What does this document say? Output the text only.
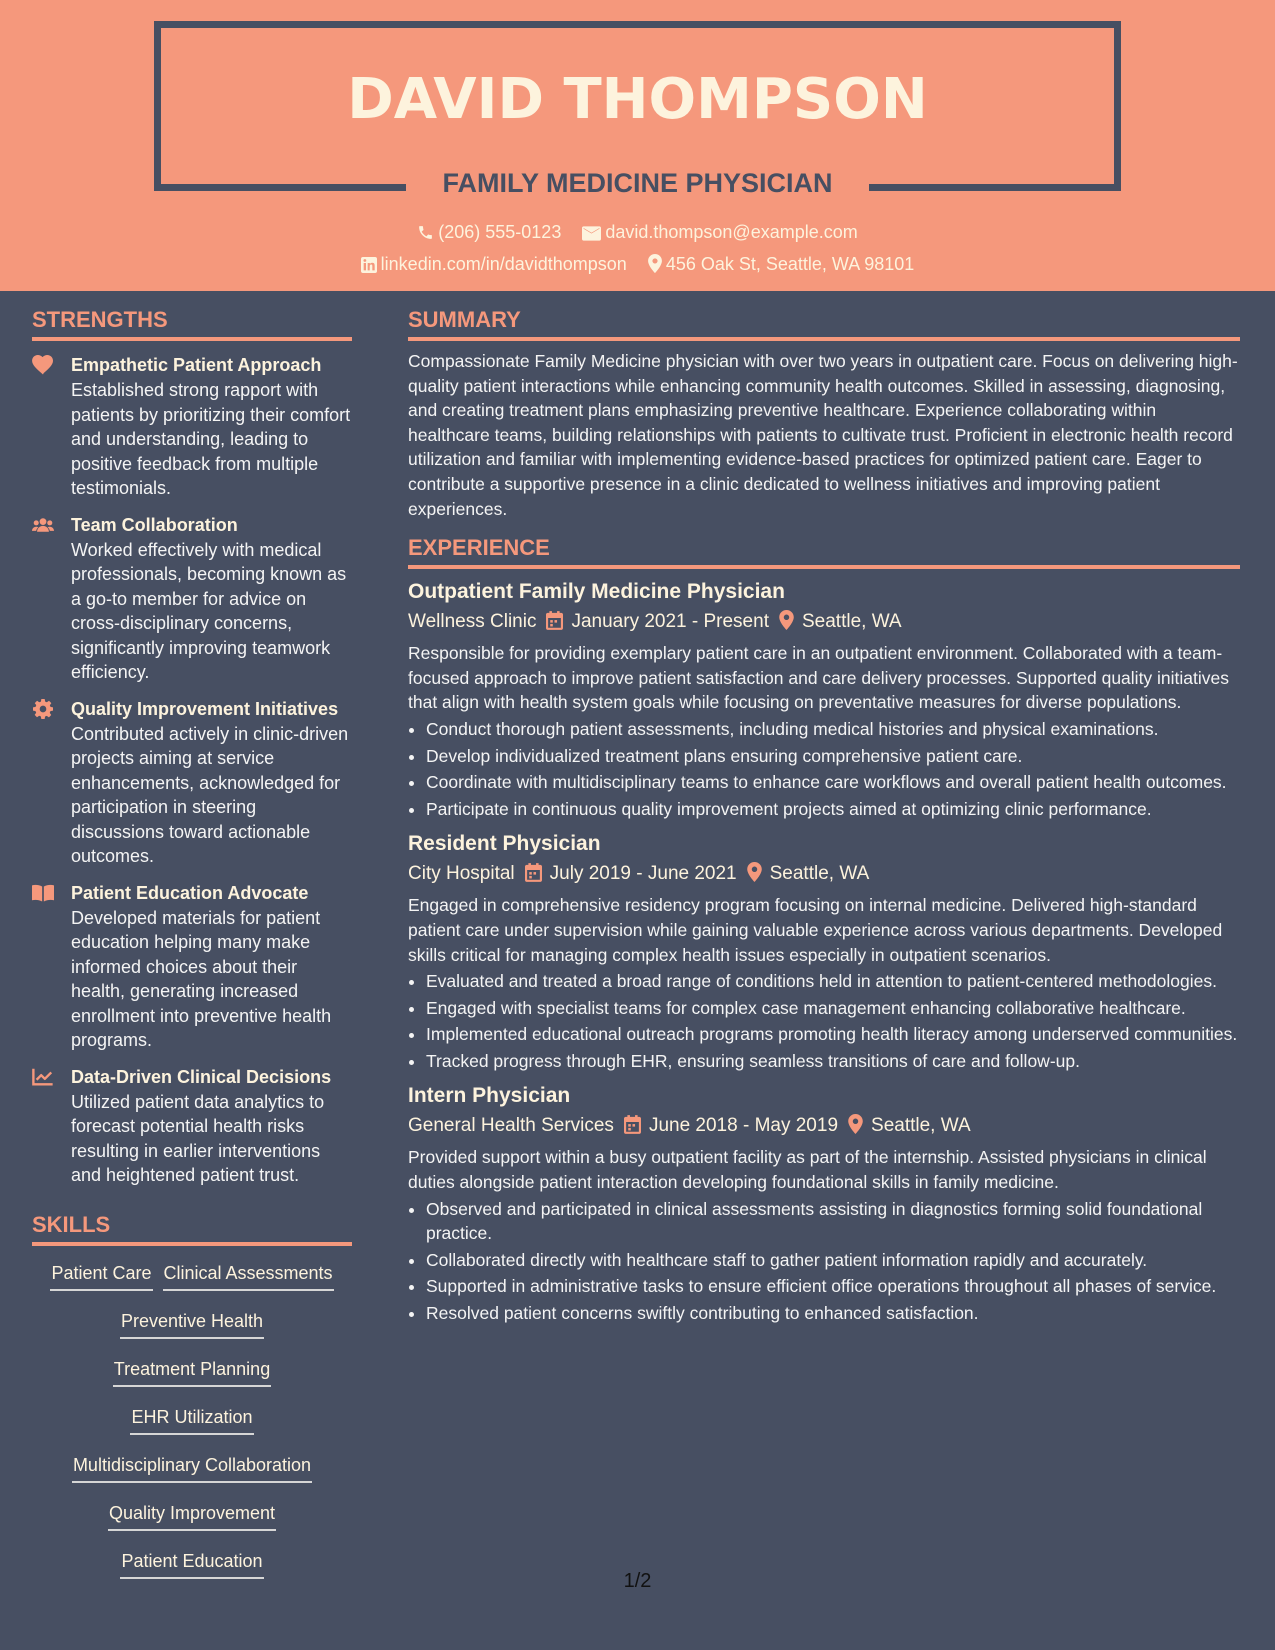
DAVID THOMPSON
FAMILY MEDICINE PHYSICIAN
(206) 555-0123 david.thompson@example.com
linkedin.com/in/davidthompson 456 Oak St, Seattle, WA 98101
STRENGTHS
Empathetic Patient Approach
Established strong rapport with patients by prioritizing their comfort and understanding, leading to positive feedback from multiple testimonials.
Team Collaboration
Worked effectively with medical professionals, becoming known as a go-to member for advice on cross-disciplinary concerns, significantly improving teamwork efficiency.
Quality Improvement Initiatives
Contributed actively in clinic-driven projects aiming at service enhancements, acknowledged for participation in steering discussions toward actionable outcomes.
Patient Education Advocate
Developed materials for patient education helping many make informed choices about their health, generating increased enrollment into preventive health programs.
Data-Driven Clinical Decisions
Utilized patient data analytics to forecast potential health risks resulting in earlier interventions and heightened patient trust.
SKILLS
Patient Care Clinical Assessments
Preventive Health
Treatment Planning
EHR Utilization
Multidisciplinary Collaboration
Quality Improvement
Patient Education
SUMMARY
Compassionate Family Medicine physician with over two years in outpatient care. Focus on delivering high-quality patient interactions while enhancing community health outcomes. Skilled in assessing, diagnosing, and creating treatment plans emphasizing preventive healthcare. Experience collaborating within healthcare teams, building relationships with patients to cultivate trust. Proficient in electronic health record utilization and familiar with implementing evidence-based practices for optimized patient care. Eager to contribute a supportive presence in a clinic dedicated to wellness initiatives and improving patient experiences.
EXPERIENCE
Outpatient Family Medicine Physician
Wellness Clinic January 2021 - Present Seattle, WA
Responsible for providing exemplary patient care in an outpatient environment. Collaborated with a team-focused approach to improve patient satisfaction and care delivery processes. Supported quality initiatives that align with health system goals while focusing on preventative measures for diverse populations.
• Conduct thorough patient assessments, including medical histories and physical examinations.
• Develop individualized treatment plans ensuring comprehensive patient care.
• Coordinate with multidisciplinary teams to enhance care workflows and overall patient health outcomes.
• Participate in continuous quality improvement projects aimed at optimizing clinic performance.
Resident Physician
City Hospital July 2019 - June 2021 Seattle, WA
Engaged in comprehensive residency program focusing on internal medicine. Delivered high-standard patient care under supervision while gaining valuable experience across various departments. Developed skills critical for managing complex health issues especially in outpatient scenarios.
• Evaluated and treated a broad range of conditions held in attention to patient-centered methodologies.
• Engaged with specialist teams for complex case management enhancing collaborative healthcare.
• Implemented educational outreach programs promoting health literacy among underserved communities.
• Tracked progress through EHR, ensuring seamless transitions of care and follow-up.
Intern Physician
General Health Services June 2018 - May 2019 Seattle, WA
Provided support within a busy outpatient facility as part of the internship. Assisted physicians in clinical duties alongside patient interaction developing foundational skills in family medicine.
• Observed and participated in clinical assessments assisting in diagnostics forming solid foundational practice.
• Collaborated directly with healthcare staff to gather patient information rapidly and accurately.
• Supported in administrative tasks to ensure efficient office operations throughout all phases of service.
• Resolved patient concerns swiftly contributing to enhanced satisfaction.
1/2
